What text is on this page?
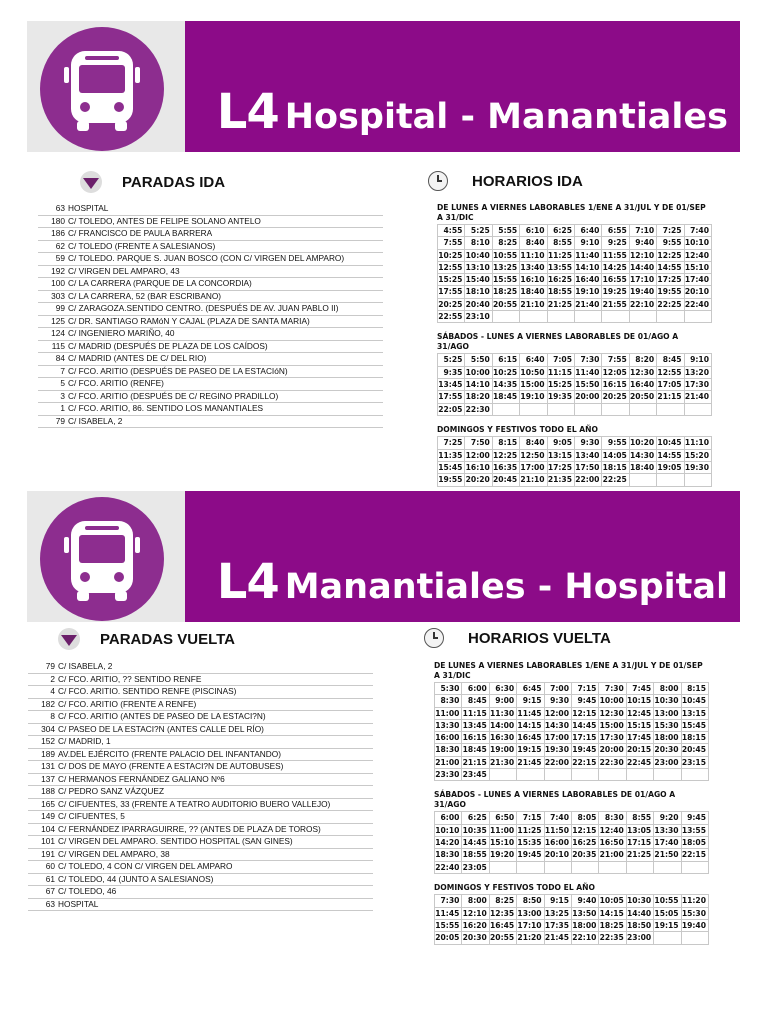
L4 Hospital - Manantiales
PARADAS IDA	HORARIOS IDA
63 HOSPITAL
180 C/ TOLEDO, ANTES DE FELIPE SOLANO ANTELO
186 C/ FRANCISCO DE PAULA BARRERA
62 C/ TOLEDO (FRENTE A SALESIANOS)
59 C/ TOLEDO. PARQUE S. JUAN BOSCO (CON C/ VIRGEN DEL AMPARO)
192 C/ VIRGEN DEL AMPARO, 43
100 C/ LA CARRERA (PARQUE DE LA CONCORDIA)
303 C/ LA CARRERA, 52 (BAR ESCRIBANO)
99 C/ ZARAGOZA.SENTIDO CENTRO. (DESPUÉS DE AV. JUAN PABLO II)
125 C/ DR. SANTIAGO RAMóN Y CAJAL (PLAZA DE SANTA MARIA)
124 C/ INGENIERO MARIÑO, 40
115 C/ MADRID (DESPUÉS DE PLAZA DE LOS CAÍDOS)
84 C/ MADRID (ANTES DE C/ DEL RIO)
7 C/ FCO. ARITIO (DESPUÉS DE PASEO DE LA ESTACIóN)
5 C/ FCO. ARITIO (RENFE)
3 C/ FCO. ARITIO (DESPUÉS DE C/ REGINO PRADILLO)
1 C/ FCO. ARITIO, 86. SENTIDO LOS MANANTIALES
79 C/ ISABELA, 2
DE LUNES A VIERNES LABORABLES 1/ENE A 31/JUL Y DE 01/SEP A 31/DIC
4:55	5:25	5:55	6:10	6:25	6:40	6:55	7:10	7:25	7:40
7:55	8:10	8:25	8:40	8:55	9:10	9:25	9:40	9:55 10:10
10:25 10:40 10:55 11:10 11:25 11:40 11:55 12:10 12:25 12:40
12:55 13:10 13:25 13:40 13:55 14:10 14:25 14:40 14:55 15:10
15:25 15:40 15:55 16:10 16:25 16:40 16:55 17:10 17:25 17:40
17:55 18:10 18:25 18:40 18:55 19:10 19:25 19:40 19:55 20:10
20:25 20:40 20:55 21:10 21:25 21:40 21:55 22:10 22:25 22:40
22:55 23:10
SÁBADOS - LUNES A VIERNES LABORABLES DE 01/AGO A 31/AGO
5:25	5:50	6:15	6:40	7:05	7:30	7:55	8:20	8:45	9:10
9:35 10:00 10:25 10:50 11:15 11:40 12:05 12:30 12:55 13:20
13:45 14:10 14:35 15:00 15:25 15:50 16:15 16:40 17:05 17:30
17:55 18:20 18:45 19:10 19:35 20:00 20:25 20:50 21:15 21:40
22:05 22:30
DOMINGOS Y FESTIVOS TODO EL AÑO
7:25	7:50	8:15	8:40	9:05	9:30	9:55 10:20 10:45 11:10
11:35 12:00 12:25 12:50 13:15 13:40 14:05 14:30 14:55 15:20
15:45 16:10 16:35 17:00 17:25 17:50 18:15 18:40 19:05 19:30
19:55 20:20 20:45 21:10 21:35 22:00 22:25
L4 Manantiales - Hospital
PARADAS VUELTA	HORARIOS VUELTA
79 C/ ISABELA, 2
2 C/ FCO. ARITIO, ?? SENTIDO RENFE
4 C/ FCO. ARITIO. SENTIDO RENFE (PISCINAS)
182 C/ FCO. ARITIO (FRENTE A RENFE)
8 C/ FCO. ARITIO (ANTES DE PASEO DE LA ESTACI?N)
304 C/ PASEO DE LA ESTACI?N (ANTES CALLE DEL RÍO)
152 C/ MADRID, 1
189 AV.DEL EJÉRCITO (FRENTE PALACIO DEL INFANTANDO)
131 C/ DOS DE MAYO (FRENTE A ESTACI?N DE AUTOBUSES)
137 C/ HERMANOS FERNÁNDEZ GALIANO Nº6
188 C/ PEDRO SANZ VÁZQUEZ
165 C/ CIFUENTES, 33 (FRENTE A TEATRO AUDITORIO BUERO VALLEJO)
149 C/ CIFUENTES, 5
104 C/ FERNÁNDEZ IPARRAGUIRRE, ?? (ANTES DE PLAZA DE TOROS)
101 C/ VIRGEN DEL AMPARO. SENTIDO HOSPITAL (SAN GINES)
191 C/ VIRGEN DEL AMPARO, 38
60 C/ TOLEDO, 4 CON C/ VIRGEN DEL AMPARO
61 C/ TOLEDO, 44 (JUNTO A SALESIANOS)
67 C/ TOLEDO, 46
63 HOSPITAL
DE LUNES A VIERNES LABORABLES 1/ENE A 31/JUL Y DE 01/SEP A 31/DIC
5:30	6:00	6:30	6:45	7:00	7:15	7:30	7:45	8:00	8:15
8:30	8:45	9:00	9:15	9:30	9:45 10:00 10:15 10:30 10:45
11:00 11:15 11:30 11:45 12:00 12:15 12:30 12:45 13:00 13:15
13:30 13:45 14:00 14:15 14:30 14:45 15:00 15:15 15:30 15:45
16:00 16:15 16:30 16:45 17:00 17:15 17:30 17:45 18:00 18:15
18:30 18:45 19:00 19:15 19:30 19:45 20:00 20:15 20:30 20:45
21:00 21:15 21:30 21:45 22:00 22:15 22:30 22:45 23:00 23:15
23:30 23:45
SÁBADOS - LUNES A VIERNES LABORABLES DE 01/AGO A 31/AGO
6:00	6:25	6:50	7:15	7:40	8:05	8:30	8:55	9:20	9:45
10:10 10:35 11:00 11:25 11:50 12:15 12:40 13:05 13:30 13:55
14:20 14:45 15:10 15:35 16:00 16:25 16:50 17:15 17:40 18:05
18:30 18:55 19:20 19:45 20:10 20:35 21:00 21:25 21:50 22:15
22:40 23:05
DOMINGOS Y FESTIVOS TODO EL AÑO
7:30	8:00	8:25	8:50	9:15	9:40 10:05 10:30 10:55 11:20
11:45 12:10 12:35 13:00 13:25 13:50 14:15 14:40 15:05 15:30
15:55 16:20 16:45 17:10 17:35 18:00 18:25 18:50 19:15 19:40
20:05 20:30 20:55 21:20 21:45 22:10 22:35 23:00
